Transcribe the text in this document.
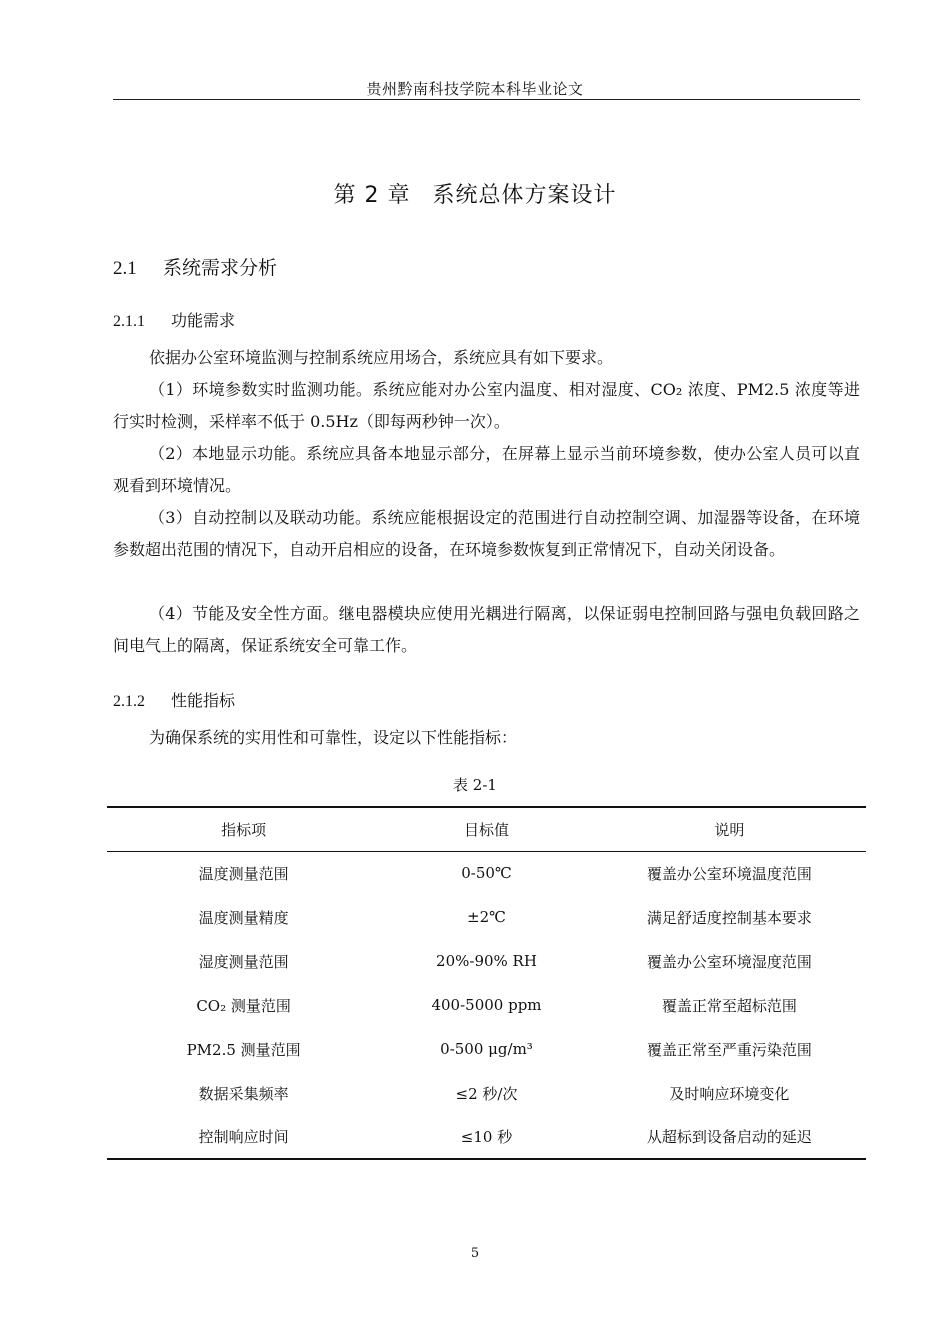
贵州黔南科技学院本科毕业论文
第 2 章 系统总体方案设计
2.1 系统需求分析
2.1.1 功能需求

依据办公室环境监测与控制系统应用场合，系统应具有如下要求。

（1）环境参数实时监测功能。系统应能对办公室内温度、相对湿度、CO₂ 浓度、PM2.5 浓度等进行实时检测，采样率不低于 0.5Hz（即每两秒钟一次）。

（2）本地显示功能。系统应具备本地显示部分，在屏幕上显示当前环境参数，使办公室人员可以直观看到环境情况。

（3）自动控制以及联动功能。系统应能根据设定的范围进行自动控制空调、加湿器等设备，在环境参数超出范围的情况下，自动开启相应的设备，在环境参数恢复到正常情况下，自动关闭设备。

（4）节能及安全性方面。继电器模块应使用光耦进行隔离，以保证弱电控制回路与强电负载回路之间电气上的隔离，保证系统安全可靠工作。

2.1.2 性能指标

为确保系统的实用性和可靠性，设定以下性能指标：

表 2-1
指标项	目标值	说明
温度测量范围	0-50℃	覆盖办公室环境温度范围
温度测量精度	±2℃	满足舒适度控制基本要求
湿度测量范围	20%-90% RH	覆盖办公室环境湿度范围
CO₂ 测量范围	400-5000 ppm	覆盖正常至超标范围
PM2.5 测量范围	0-500 μg/m³	覆盖正常至严重污染范围
数据采集频率	≤2 秒/次	及时响应环境变化
控制响应时间	≤10 秒	从超标到设备启动的延迟
5
